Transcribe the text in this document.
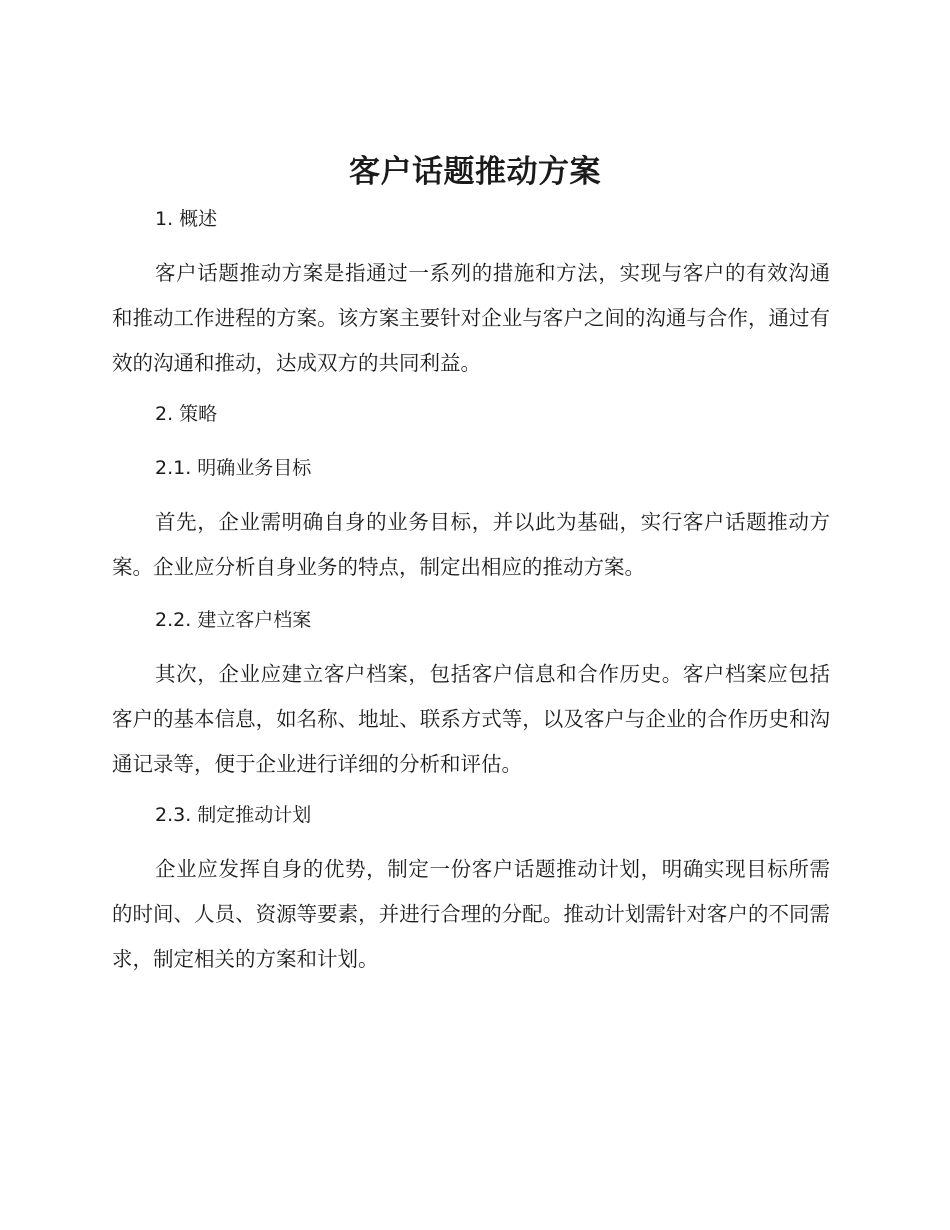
客户话题推动方案
1. 概述

客户话题推动方案是指通过一系列的措施和方法，实现与客户的有效沟通和推动工作进程的方案。该方案主要针对企业与客户之间的沟通与合作，通过有效的沟通和推动，达成双方的共同利益。

2. 策略
2.1. 明确业务目标

首先，企业需明确自身的业务目标，并以此为基础，实行客户话题推动方案。企业应分析自身业务的特点，制定出相应的推动方案。

2.2. 建立客户档案

其次，企业应建立客户档案，包括客户信息和合作历史。客户档案应包括客户的基本信息，如名称、地址、联系方式等，以及客户与企业的合作历史和沟通记录等，便于企业进行详细的分析和评估。

2.3. 制定推动计划

企业应发挥自身的优势，制定一份客户话题推动计划，明确实现目标所需的时间、人员、资源等要素，并进行合理的分配。推动计划需针对客户的不同需求，制定相关的方案和计划。
